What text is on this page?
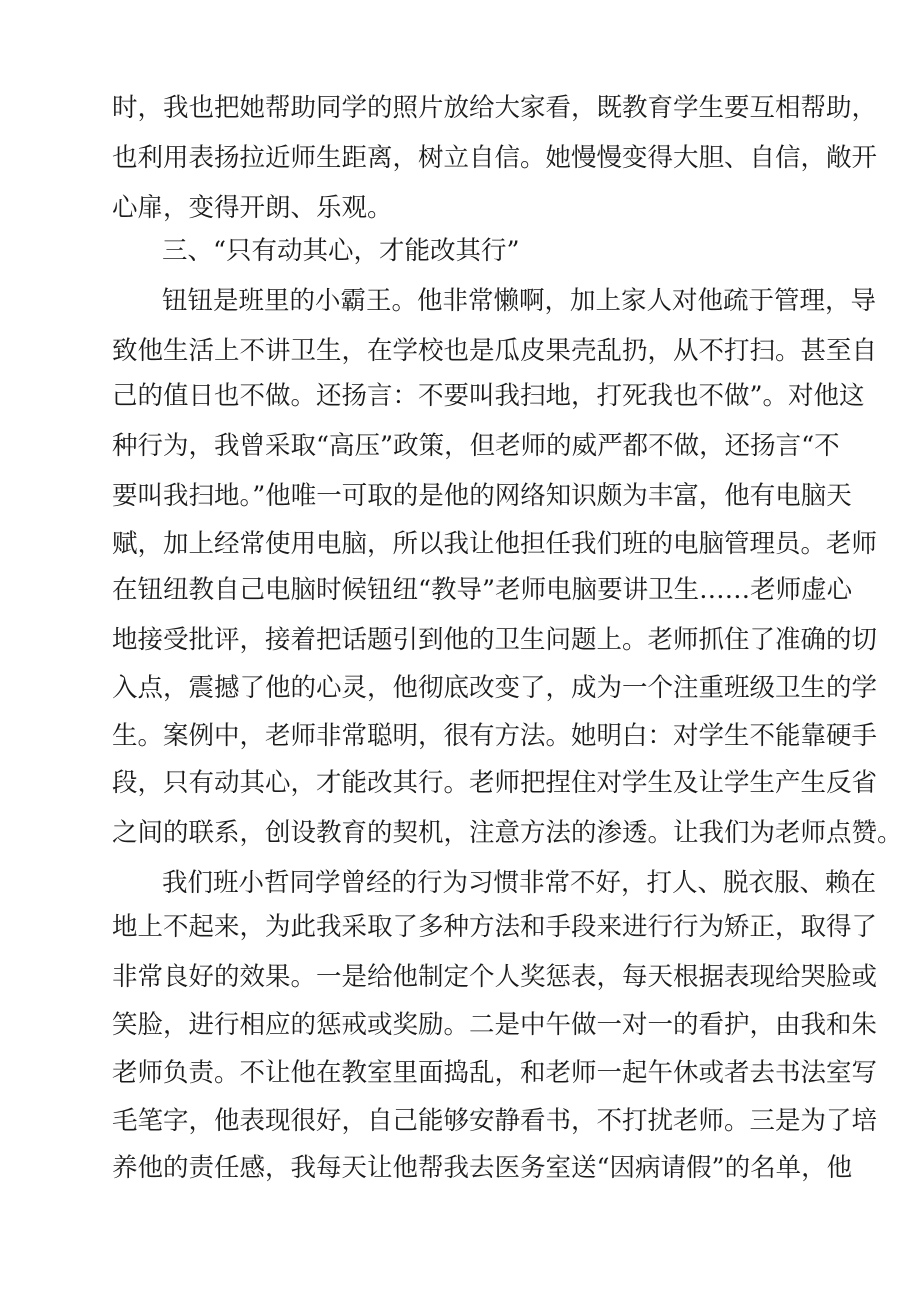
时，我也把她帮助同学的照片放给大家看，既教育学生要互相帮助，
也利用表扬拉近师生距离，树立自信。她慢慢变得大胆、自信，敞开
心扉，变得开朗、乐观。
三、“只有动其心，才能改其行”
钮钮是班里的小霸王。他非常懒啊，加上家人对他疏于管理，导
致他生活上不讲卫生，在学校也是瓜皮果壳乱扔，从不打扫。甚至自
己的值日也不做。还扬言：不要叫我扫地，打死我也不做”。对他这
种行为，我曾采取“高压”政策，但老师的威严都不做，还扬言“不
要叫我扫地。”他唯一可取的是他的网络知识颇为丰富，他有电脑天
赋，加上经常使用电脑，所以我让他担任我们班的电脑管理员。老师
在钮纽教自己电脑时候钮纽“教导”老师电脑要讲卫生……老师虚心
地接受批评，接着把话题引到他的卫生问题上。老师抓住了准确的切
入点，震撼了他的心灵，他彻底改变了，成为一个注重班级卫生的学
生。案例中，老师非常聪明，很有方法。她明白：对学生不能靠硬手
段，只有动其心，才能改其行。老师把捏住对学生及让学生产生反省
之间的联系，创设教育的契机，注意方法的渗透。让我们为老师点赞。
我们班小哲同学曾经的行为习惯非常不好，打人、脱衣服、赖在
地上不起来，为此我采取了多种方法和手段来进行行为矫正，取得了
非常良好的效果。一是给他制定个人奖惩表，每天根据表现给哭脸或
笑脸，进行相应的惩戒或奖励。二是中午做一对一的看护，由我和朱
老师负责。不让他在教室里面捣乱，和老师一起午休或者去书法室写
毛笔字，他表现很好，自己能够安静看书，不打扰老师。三是为了培
养他的责任感，我每天让他帮我去医务室送“因病请假”的名单，他
